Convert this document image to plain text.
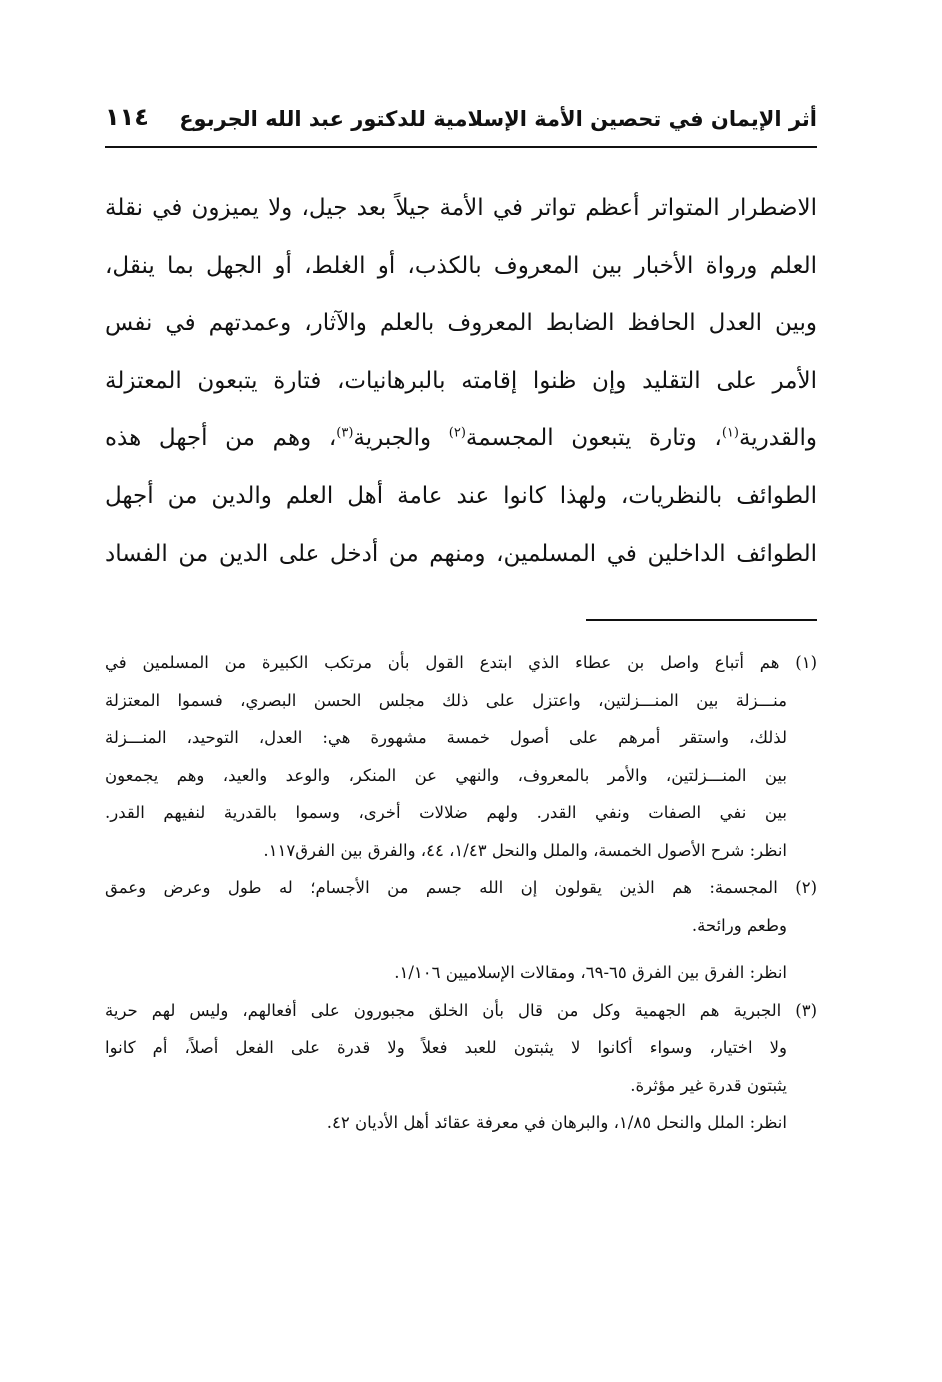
أثر الإيمان في تحصين الأمة الإسلامية للدكتور عبد الله الجربوع
١١٤
الاضطرار المتواتر أعظم تواتر في الأمة جيلاً بعد جيل، ولا يميزون في نقلة
العلم ورواة الأخبار بين المعروف بالكذب، أو الغلط، أو الجهل بما ينقل،
وبين العدل الحافظ الضابط المعروف بالعلم والآثار، وعمدتهم في نفس
الأمر على التقليد وإن ظنوا إقامته بالبرهانيات، فتارة يتبعون المعتزلة
والقدرية$^{(١)}$، وتارة يتبعون المجسمة$^{(٢)}$ والجبرية$^{(٣)}$، وهم من أجهل هذه
الطوائف بالنظريات، ولهذا كانوا عند عامة أهل العلم والدين من أجهل
الطوائف الداخلين في المسلمين، ومنهم من أدخل على الدين من الفساد
(١) هم أتباع واصل بن عطاء الذي ابتدع القول بأن مرتكب الكبيرة من المسلمين في
منـــزلة بين المنـــزلتين، واعتزل على ذلك مجلس الحسن البصري، فسموا المعتزلة
لذلك، واستقر أمرهم على أصول خمسة مشهورة هي: العدل، التوحيد، المنـــزلة
بين المنـــزلتين، والأمر بالمعروف، والنهي عن المنكر، والوعد والعيد، وهم يجمعون
بين نفي الصفات ونفي القدر. ولهم ضلالات أخرى، وسموا بالقدرية لنفيهم القدر.
انظر: شرح الأصول الخمسة، والملل والنحل ١/٤٣، ٤٤، والفرق بين الفرق١١٧.
(٢) المجسمة: هم الذين يقولون إن الله جسم من الأجسام؛ له طول وعرض وعمق
وطعم ورائحة.
انظر: الفرق بين الفرق ٦٥-٦٩، ومقالات الإسلاميين ١/١٠٦.
(٣) الجبرية هم الجهمية وكل من قال بأن الخلق مجبورون على أفعالهم، وليس لهم حرية
ولا اختيار، وسواء أكانوا لا يثبتون للعبد فعلاً ولا قدرة على الفعل أصلاً، أم كانوا
يثبتون قدرة غير مؤثرة.
انظر: الملل والنحل ١/٨٥، والبرهان في معرفة عقائد أهل الأديان ٤٢.
